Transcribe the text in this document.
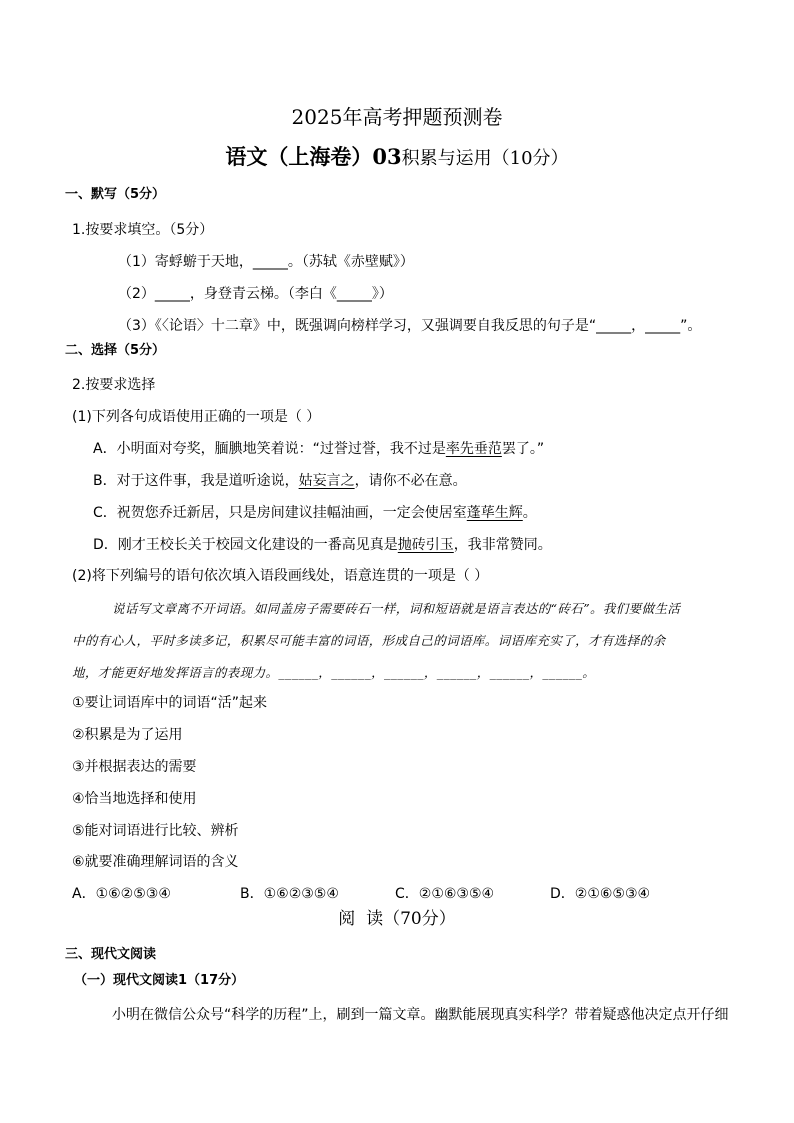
2025年高考押题预测卷
语文（上海卷）03积累与运用（10分）
一、默写（5分）
1.按要求填空。（5分）
（1）寄蜉蝣于天地，_____。（苏轼《赤壁赋》）
（2）_____，身登青云梯。（李白《_____》）
（3）《〈论语〉十二章》中，既强调向榜样学习，又强调要自我反思的句子是“_____，_____”。
二、选择（5分）
2.按要求选择
(1)下列各句成语使用正确的一项是（ ）
A．小明面对夸奖，腼腆地笑着说：“过誉过誉，我不过是率先垂范罢了。”
B．对于这件事，我是道听途说，姑妄言之，请你不必在意。
C．祝贺您乔迁新居，只是房间建议挂幅油画，一定会使居室蓬荜生辉。
D．刚才王校长关于校园文化建设的一番高见真是抛砖引玉，我非常赞同。
(2)将下列编号的语句依次填入语段画线处，语意连贯的一项是（ ）
说话写文章离不开词语。如同盖房子需要砖石一样，词和短语就是语言表达的“砖石”。我们要做生活
中的有心人，平时多读多记，积累尽可能丰富的词语，形成自己的词语库。词语库充实了，才有选择的余
地，才能更好地发挥语言的表现力。______，______，______，______，______，______。
①要让词语库中的词语“活”起来
②积累是为了运用
③并根据表达的需要
④恰当地选择和使用
⑤能对词语进行比较、辨析
⑥就要准确理解词语的含义
A．①⑥②⑤③④	B．①⑥②③⑤④	C．②①⑥③⑤④	D．②①⑥⑤③④
阅  读（70分）
三、现代文阅读
（一）现代文阅读1（17分）
小明在微信公众号“科学的历程”上，刷到一篇文章。幽默能展现真实科学？带着疑惑他决定点开仔细
